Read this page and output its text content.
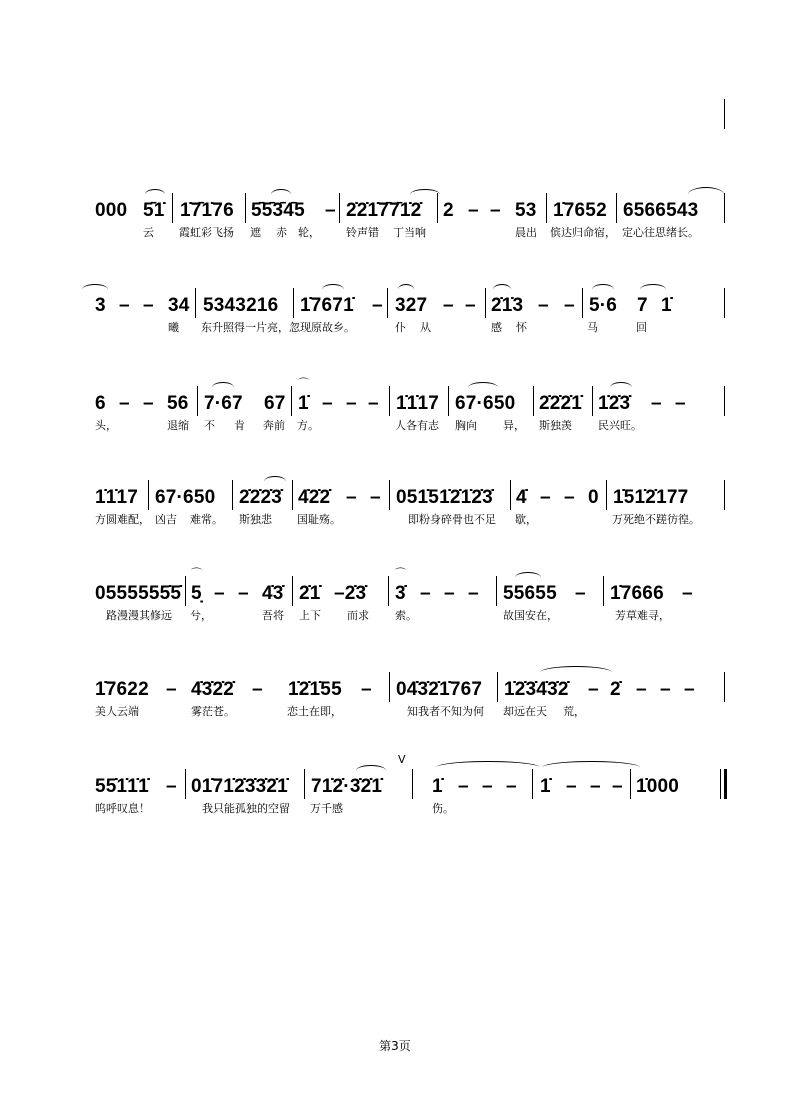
000 5̄1̇ 1̇7̄1̇76 5̄5̄3̄4̄5 – 2̇2̇1̇7̄7̄1̇2̇ 2 – – 53 1̇7652 6566543
云 霞虹彩飞扬 遮 赤 轮， 铃声错 丁当响	晨出 傧达归命宿， 定心往思绪长。
3 – – 34 5343216 1̇7671̇ – 327 – – 2̇1̇3 – – 5·6 7 1̇
曦 东升照得一片亮， 忽现原故乡。	仆 从	感 怀	马	回
6 – – 56 7·67 67
⌒
1̇ – – – 1̇1̇17 67·650 2̇2̇2̇1̇ 1̇2̇3̇ – –
头，	退缩 不 肯 奔前 方。	人各有志 胸向 异， 斯独羡 民兴旺。
1̇1̇17 67·650 2̇2̇2̇3̇ 4̇2̇2̇ – – 051̇51̇2̇1̇2̇3̇ 4̇ – – 0 1̇51̇2̇177
方圆难配， 凶吉 难常。 斯独悲 国耻殇。	即粉身碎骨也不足 歇，	万死绝不蹉彷徨。
0555555̇5̇
⌒
5̣ – – 4̇3̇ 2̇1̇ –2̇3̇
⌒
3̇ – – – 55655 – 1̇7666 –
路漫漫其修远 兮，	吾将 上下 而求 索。	故国安在，	芳草难寻，
1̇7622 – 4̇3̇2̇2̇ – 1̇2̇1̇55 – 04̇3̇2̇1̇767 1̇2̇3̇4̇3̇2̇ – 2̇ – – –
美人云端	雾茫苍。	恋土在即，	知我者不知为何 却远在天 荒，
V
55̇1̇1̇1̇ – 01̇71̇2̇3̇3̇2̇1̇ 71̇2̇·3̇2̇1̇	1̇ – – – 1̇ – – – 1̇000
呜呼叹息！	我只能孤独的空留 万千感	伤。
第3页
